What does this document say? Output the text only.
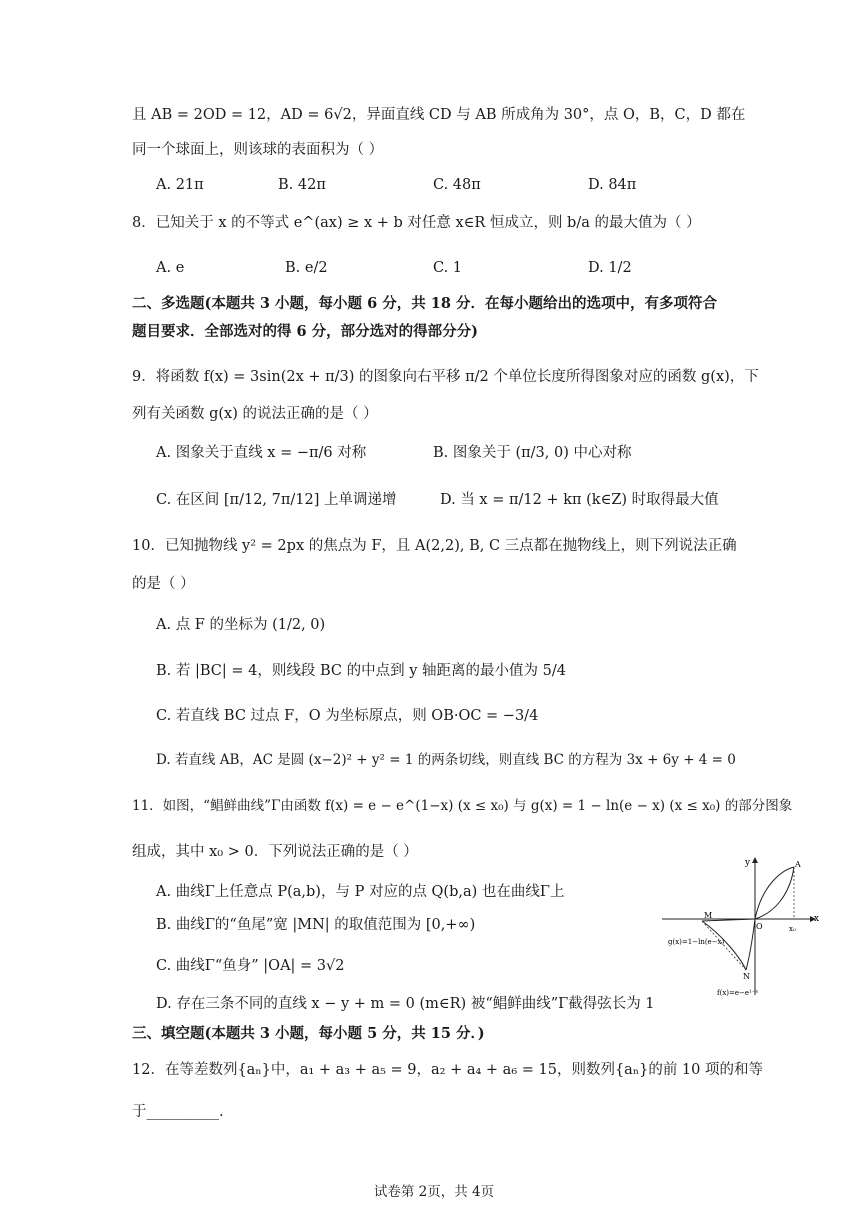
且 AB = 2OD = 12，AD = 6√2，异面直线 CD 与 AB 所成角为 30°，点 O，B，C，D 都在
同一个球面上，则该球的表面积为（ ）
A. 21π	B. 42π	C. 48π	D. 84π
8．已知关于 x 的不等式 e^(ax) ≥ x + b 对任意 x∈R 恒成立，则 b/a 的最大值为（ ）
A. e	B. e/2	C. 1	D. 1/2
二、多选题(本题共 3 小题，每小题 6 分，共 18 分．在每小题给出的选项中，有多项符合
题目要求．全部选对的得 6 分，部分选对的得部分分)
9．将函数 f(x) = 3sin(2x + π/3) 的图象向右平移 π/2 个单位长度所得图象对应的函数 g(x)，下
列有关函数 g(x) 的说法正确的是（ ）
A. 图象关于直线 x = −π/6 对称	B. 图象关于 (π/3, 0) 中心对称
C. 在区间 [π/12, 7π/12] 上单调递增	D. 当 x = π/12 + kπ (k∈Z) 时取得最大值
10．已知抛物线 y² = 2px 的焦点为 F，且 A(2,2), B, C 三点都在抛物线上，则下列说法正确
的是（ ）
A. 点 F 的坐标为 (1/2, 0)
B. 若 |BC| = 4，则线段 BC 的中点到 y 轴距离的最小值为 5/4
C. 若直线 BC 过点 F，O 为坐标原点，则 OB·OC = −3/4
D. 若直线 AB，AC 是圆 (x−2)² + y² = 1 的两条切线，则直线 BC 的方程为 3x + 6y + 4 = 0
11．如图，“鲳鲜曲线”Γ由函数 f(x) = e − e^(1−x) (x ≤ x₀) 与 g(x) = 1 − ln(e − x) (x ≤ x₀) 的部分图象
组成，其中 x₀ > 0．下列说法正确的是（ ）
A. 曲线Γ上任意点 P(a,b)，与 P 对应的点 Q(b,a) 也在曲线Γ上
B. 曲线Γ的“鱼尾”宽 |MN| 的取值范围为 [0,+∞)
C. 曲线Γ“鱼身” |OA| = 3√2
D. 存在三条不同的直线 x − y + m = 0 (m∈R) 被“鲳鲜曲线”Γ截得弦长为 1
y
x
A
O	x₀
M
N
g(x)=1−ln(e−x)
f(x)=e−e¹⁻ˣ
三、填空题(本题共 3 小题，每小题 5 分，共 15 分．)
12．在等差数列{aₙ}中，a₁ + a₃ + a₅ = 9，a₂ + a₄ + a₆ = 15，则数列{aₙ}的前 10 项的和等
于__________.
试卷第 2页，共 4页
